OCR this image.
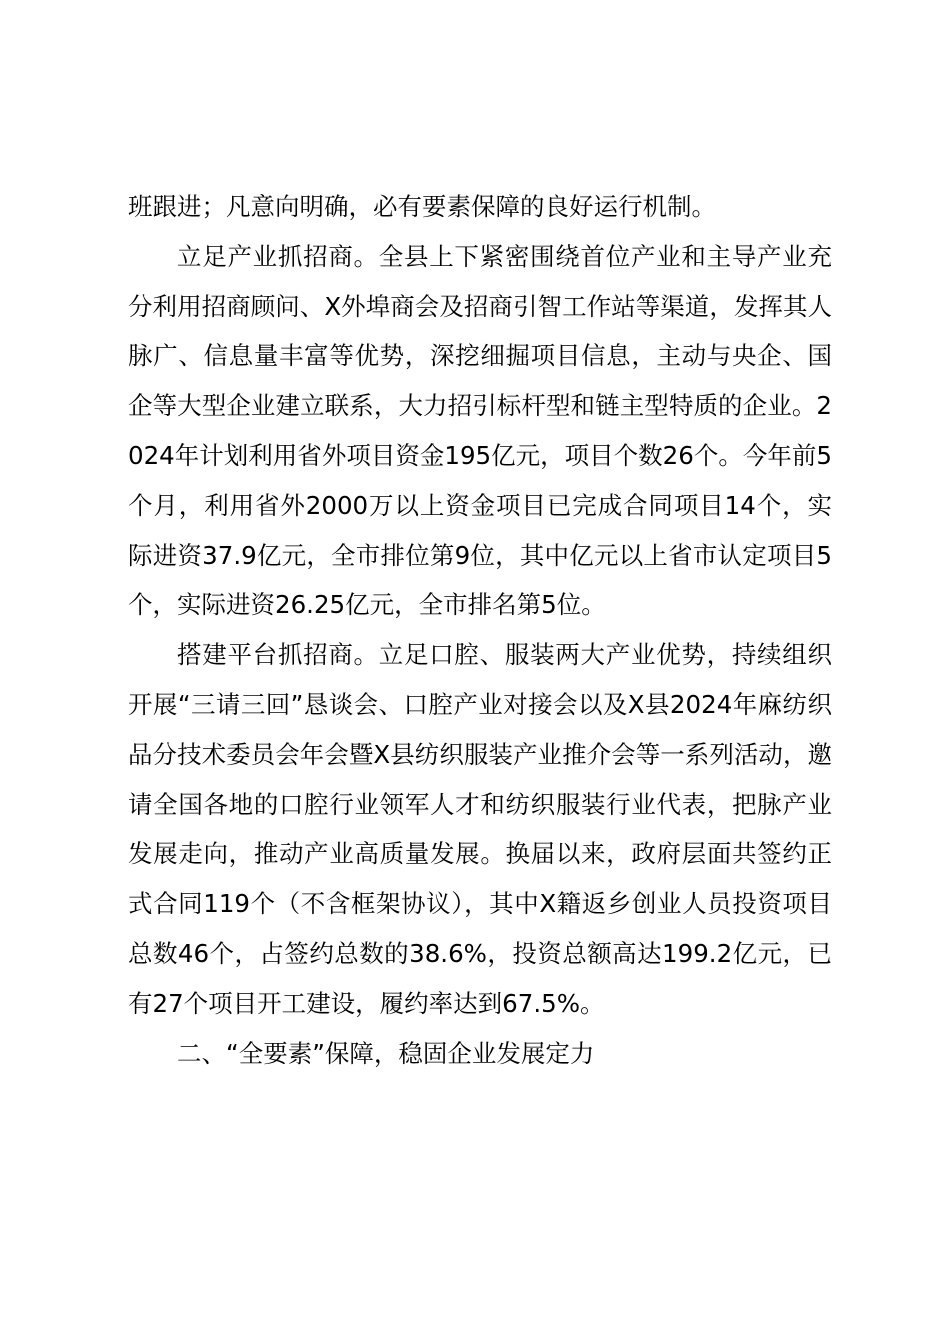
班跟进；凡意向明确，必有要素保障的良好运行机制。

立足产业抓招商。全县上下紧密围绕首位产业和主导产业充分利用招商顾问、X外埠商会及招商引智工作站等渠道，发挥其人脉广、信息量丰富等优势，深挖细掘项目信息，主动与央企、国企等大型企业建立联系，大力招引标杆型和链主型特质的企业。2024年计划利用省外项目资金195亿元，项目个数26个。今年前5个月，利用省外2000万以上资金项目已完成合同项目14个，实际进资37.9亿元，全市排位第9位，其中亿元以上省市认定项目5个，实际进资26.25亿元，全市排名第5位。

搭建平台抓招商。立足口腔、服装两大产业优势，持续组织开展“三请三回”恳谈会、口腔产业对接会以及X县2024年麻纺织品分技术委员会年会暨X县纺织服装产业推介会等一系列活动，邀请全国各地的口腔行业领军人才和纺织服装行业代表，把脉产业发展走向，推动产业高质量发展。换届以来，政府层面共签约正式合同119个（不含框架协议），其中X籍返乡创业人员投资项目总数46个，占签约总数的38.6%，投资总额高达199.2亿元，已有27个项目开工建设，履约率达到67.5%。

二、“全要素”保障，稳固企业发展定力
